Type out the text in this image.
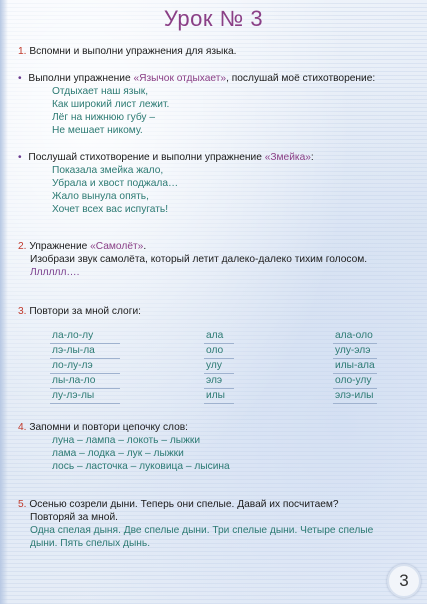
Урок № 3
1. Вспомни и выполни упражнения для языка.
• Выполни упражнение «Язычок отдыхает», послушай моё стихотворение:
Отдыхает наш язык,
Как широкий лист лежит.
Лёг на нижнюю губу –
Не мешает никому.
• Послушай стихотворение и выполни упражнение «Змейка»:
Показала змейка жало,
Убрала и хвост поджала…
Жало вынула опять,
Хочет всех вас испугать!
2. Упражнение «Самолёт».
Изобрази звук самолёта, который летит далеко-далеко тихим голосом.
Лллллл….
3. Повтори за мной слоги:
ла-ло-лу
лэ-лы-ла
ло-лу-лэ
лы-ла-ло
лу-лэ-лы
ала
оло
улу
элэ
илы
ала-оло
улу-элэ
илы-ала
оло-улу
элэ-илы
4. Запомни и повтори цепочку слов:
луна – лампа – локоть – лыжки
лама – лодка – лук – лыжки
лось – ласточка – луковица – лысина
5. Осенью созрели дыни. Теперь они спелые. Давай их посчитаем?
Повторяй за мной.
Одна спелая дыня. Две спелые дыни. Три спелые дыни. Четыре спелые
дыни. Пять спелых дынь.
3
